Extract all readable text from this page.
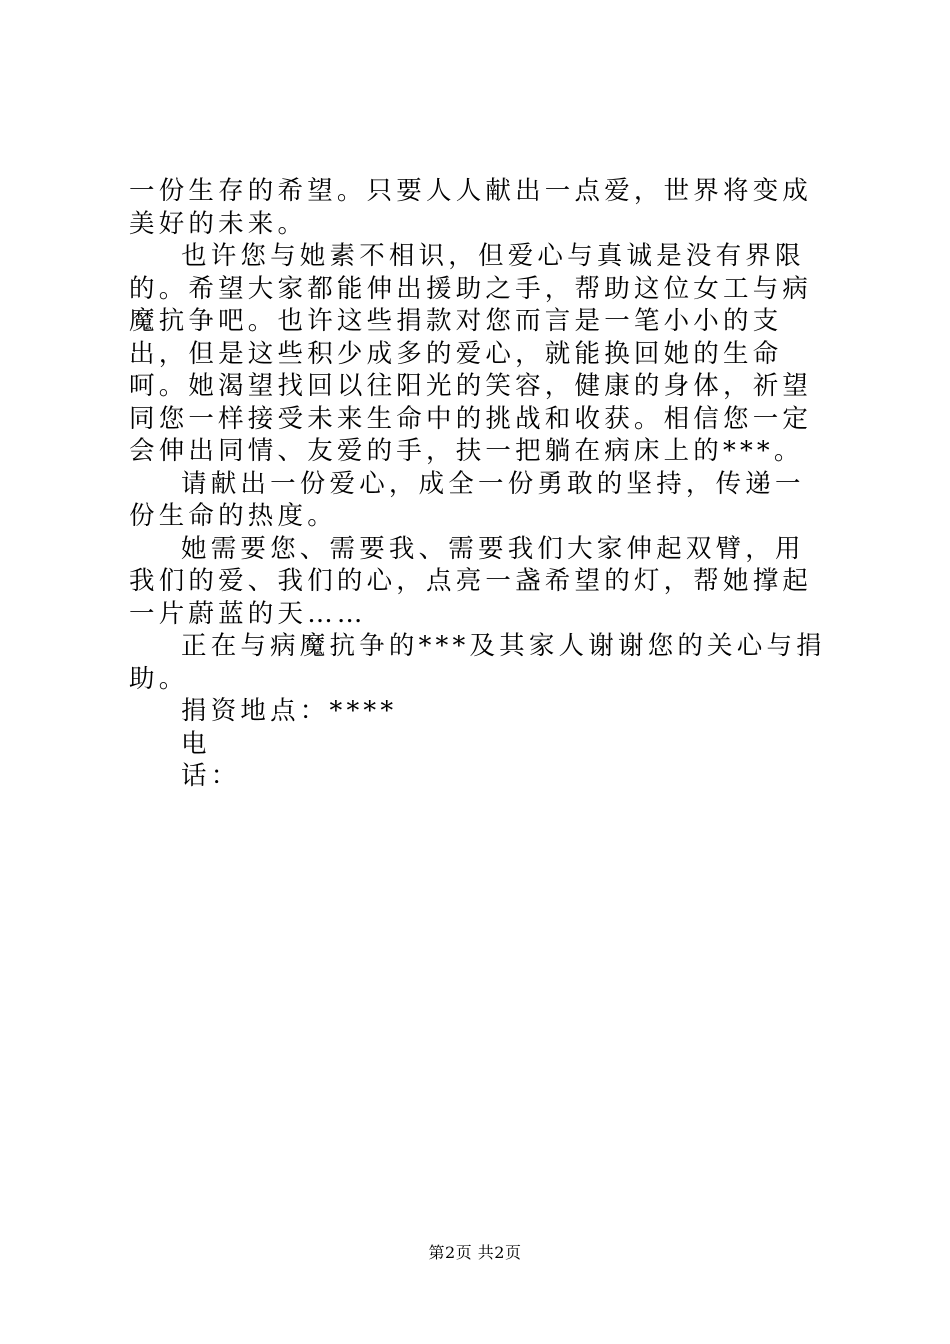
一份生存的希望。只要人人献出一点爱，世界将变成美好的未来。

也许您与她素不相识，但爱心与真诚是没有界限的。希望大家都能伸出援助之手，帮助这位女工与病魔抗争吧。也许这些捐款对您而言是一笔小小的支出，但是这些积少成多的爱心，就能换回她的生命呵。她渴望找回以往阳光的笑容，健康的身体，祈望同您一样接受未来生命中的挑战和收获。相信您一定会伸出同情、友爱的手，扶一把躺在病床上的***。

请献出一份爱心，成全一份勇敢的坚持，传递一份生命的热度。

她需要您、需要我、需要我们大家伸起双臂，用我们的爱、我们的心，点亮一盏希望的灯，帮她撑起一片蔚蓝的天……

正在与病魔抗争的***及其家人谢谢您的关心与捐助。

捐资地点：****

电

话：

第2页 共2页
